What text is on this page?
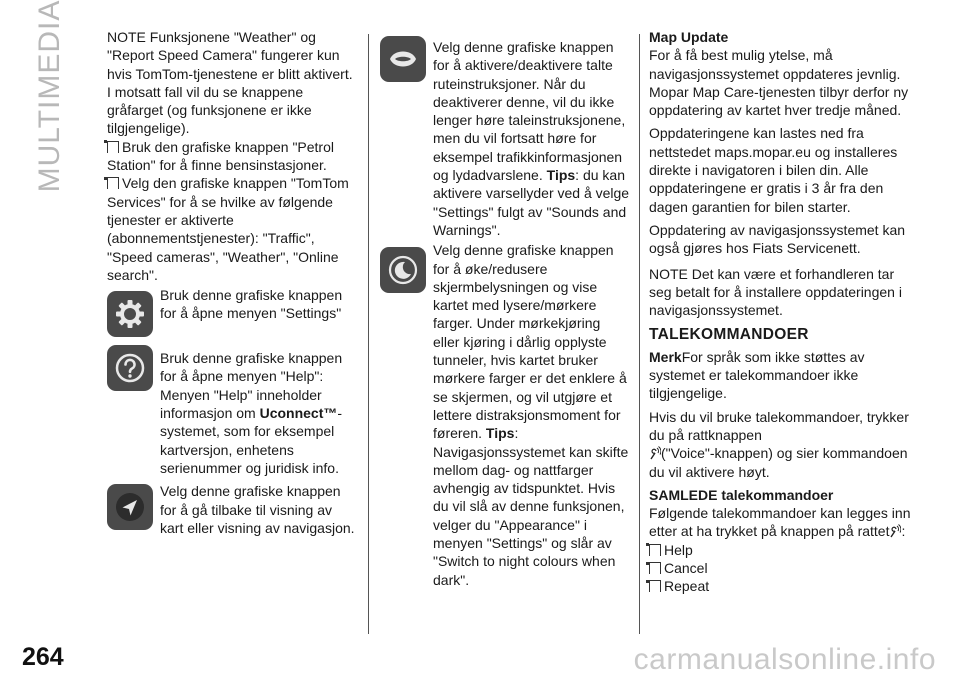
MULTIMEDIA	NOTE Funksjonene "Weather" og "Report Speed Camera" fungerer kun hvis TomTom-tjenestene er blitt aktivert. I motsatt fall vil du se knappene gråfarget (og funksjonene er ikke tilgjengelige).

Bruk den grafiske knappen "Petrol Station" for å finne bensinstasjoner.

Velg den grafiske knappen "TomTom Services" for å se hvilke av følgende tjenester er aktiverte (abonnementstjenester): "Traffic", "Speed cameras", "Weather", "Online search".

Bruk denne grafiske knappen for å åpne menyen "Settings"
Bruk denne grafiske knappen for å åpne menyen "Help": Menyen "Help" inneholder informasjon om Uconnect™-systemet, som for eksempel kartversjon, enhetens serienummer og juridisk info.
Velg denne grafiske knappen for å gå tilbake til visning av kart eller visning av navigasjon.
Velg denne grafiske knappen for å aktivere/deaktivere talte ruteinstruksjoner. Når du deaktiverer denne, vil du ikke lenger høre taleinstruksjonene, men du vil fortsatt høre for eksempel trafikkinformasjonen og lydadvarslene. Tips: du kan aktivere varsellyder ved å velge "Settings" fulgt av "Sounds and Warnings".
Velg denne grafiske knappen for å øke/redusere skjermbelysningen og vise kartet med lysere/mørkere farger. Under mørkekjøring eller kjøring i dårlig opplyste tunneler, hvis kartet bruker mørkere farger er det enklere å se skjermen, og vil utgjøre et lettere distraksjonsmoment for føreren. Tips: Navigasjonssystemet kan skifte mellom dag- og nattfarger avhengig av tidspunktet. Hvis du vil slå av denne funksjonen, velger du "Appearance" i menyen "Settings" og slår av "Switch to night colours when dark".

Map Update

For å få best mulig ytelse, må navigasjonssystemet oppdateres jevnlig. Mopar Map Care-tjenesten tilbyr derfor ny oppdatering av kartet hver tredje måned.

Oppdateringene kan lastes ned fra nettstedet maps.mopar.eu og installeres direkte i navigatoren i bilen din. Alle oppdateringene er gratis i 3 år fra den dagen garantien for bilen starter.

Oppdatering av navigasjonssystemet kan også gjøres hos Fiats Servicenett.

NOTE Det kan være et forhandleren tar seg betalt for å installere oppdateringen i navigasjonssystemet.

TALEKOMMANDOER

MerkFor språk som ikke støttes av systemet er talekommandoer ikke tilgjengelige.

Hvis du vil bruke talekommandoer, trykker du på rattknappen
("Voice"-knappen) og sier kommandoen du vil aktivere høyt.

SAMLEDE talekommandoer

Følgende talekommandoer kan legges inn etter at ha trykket på knappen på rattet :

Help

Cancel

Repeat

264	carmanualsonline.info
